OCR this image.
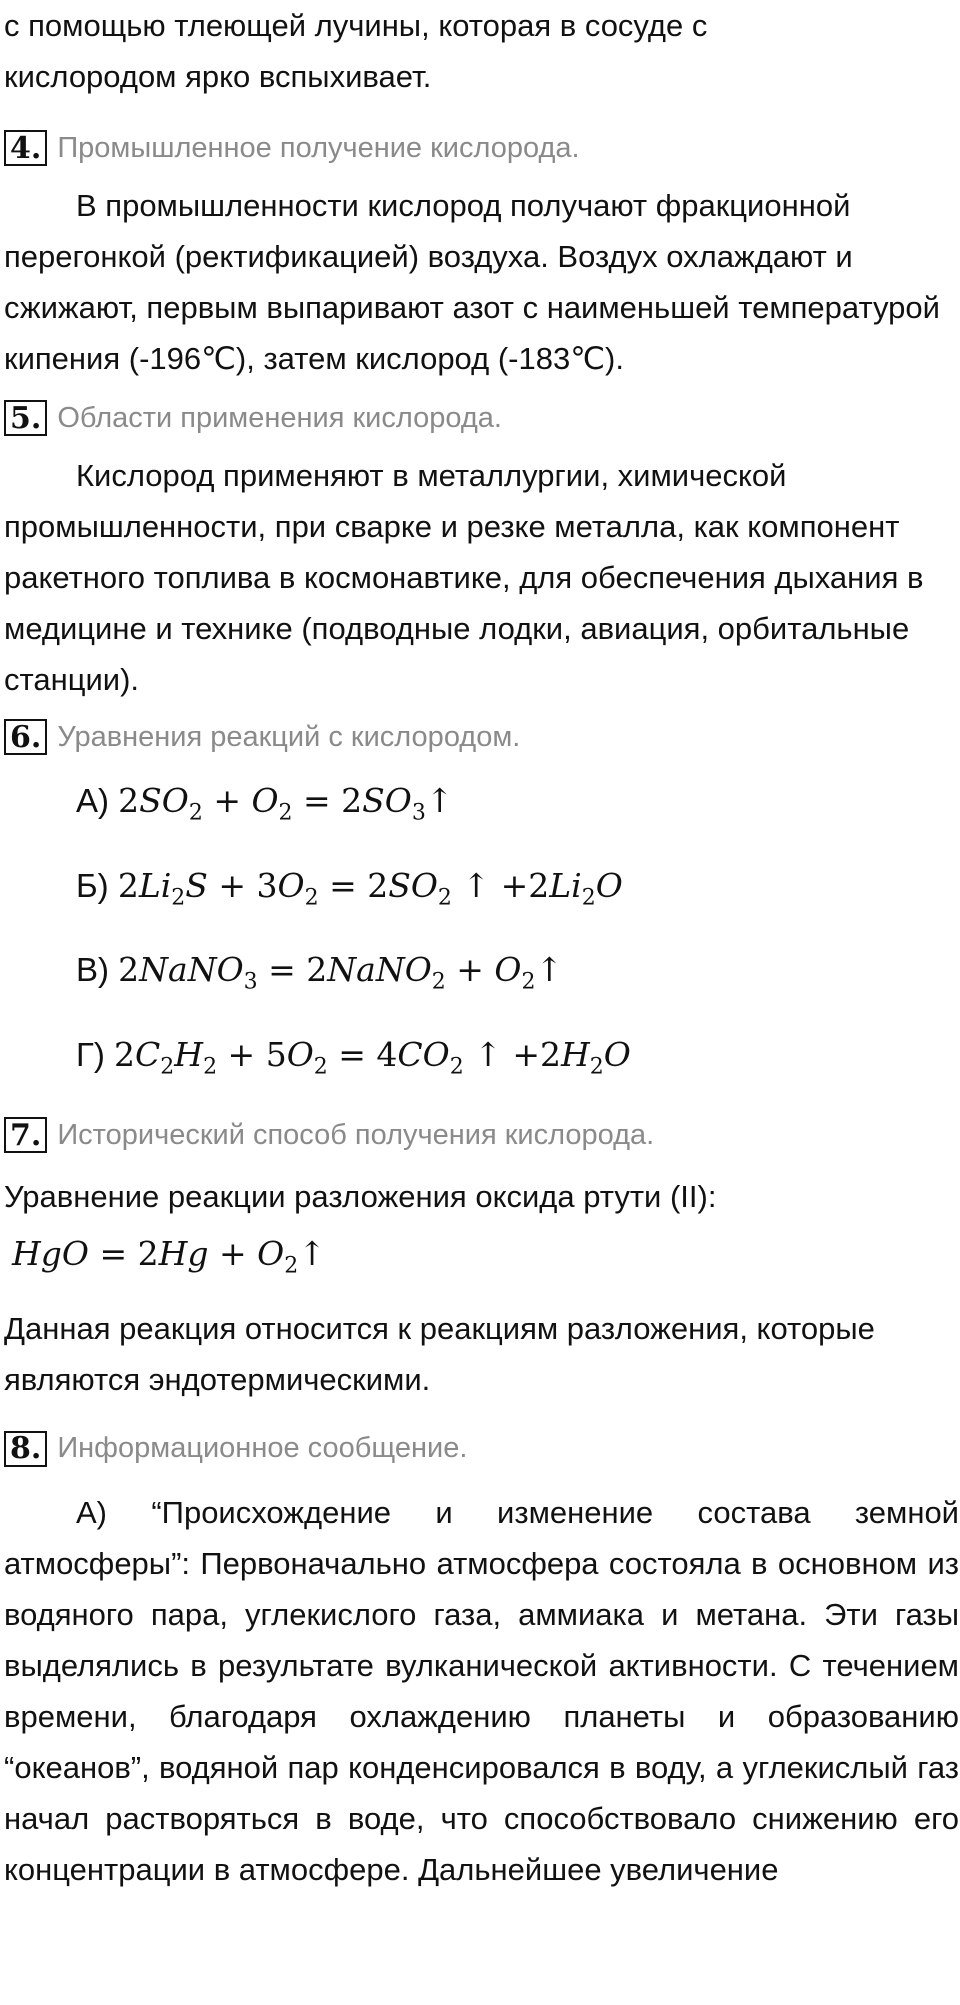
с помощью тлеющей лучины, которая в сосуде с

кислородом ярко вспыхивает.

4. Промышленное получение кислорода.

В промышленности кислород получают фракционной перегонкой (ректификацией) воздуха. Воздух охлаждают и сжижают, первым выпаривают азот с наименьшей температурой кипения (-196℃), затем кислород (-183℃).

5. Области применения кислорода.

Кислород применяют в металлургии, химической промышленности, при сварке и резке металла, как компонент ракетного топлива в космонавтике, для обеспечения дыхания в медицине и технике (подводные лодки, авиация, орбитальные станции).

6. Уравнения реакций с кислородом.
А) $2SO_2 + O_2$ = $2SO_3↑$
Б) $2Li_2S + 3O_2 = 2SO_2$ ↑ $+2Li_2O$
В) 2NaNO$_3$ = 2NaNO$_2$ + $O_2↑$
Г) $2C_2H_2 + 5O_2 = 4CO_2$ ↑ $+2H_2O$
7. Исторический способ получения кислорода.

Уравнение реакции разложения оксида ртути (II):

HgO = $2Hg + O_2↑$

Данная реакция относится к реакциям разложения, которые являются эндотермическими.

8. Информационное сообщение.

А) “Происхождение и изменение состава земной атмосферы”: Первоначально атмосфера состояла в основном из водяного пара, углекислого газа, аммиака и метана. Эти газы выделялись в результате вулканической активности. С течением времени, благодаря охлаждению планеты и образованию “океанов”, водяной пар конденсировался в воду, а углекислый газ начал растворяться в воде, что способствовало снижению его концентрации в атмосфере. Дальнейшее увеличение
